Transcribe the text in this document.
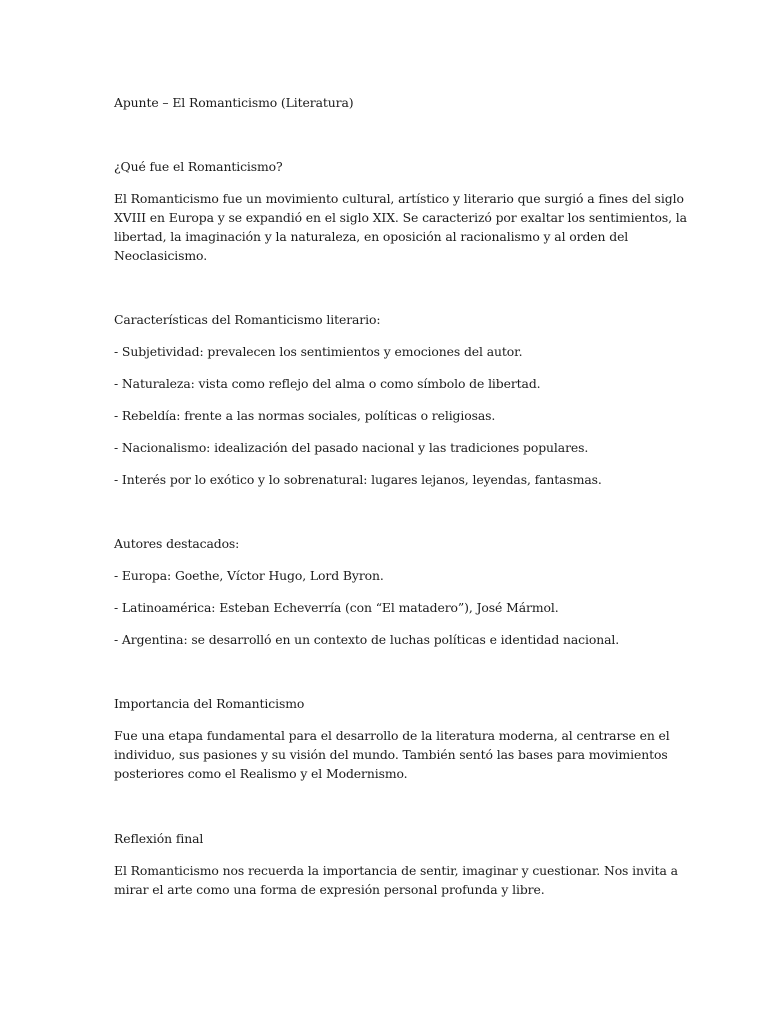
Apunte – El Romanticismo (Literatura)
¿Qué fue el Romanticismo?
El Romanticismo fue un movimiento cultural, artístico y literario que surgió a fines del siglo
XVIII en Europa y se expandió en el siglo XIX. Se caracterizó por exaltar los sentimientos, la
libertad, la imaginación y la naturaleza, en oposición al racionalismo y al orden del
Neoclasicismo.
Características del Romanticismo literario:
- Subjetividad: prevalecen los sentimientos y emociones del autor.
- Naturaleza: vista como reflejo del alma o como símbolo de libertad.
- Rebeldía: frente a las normas sociales, políticas o religiosas.
- Nacionalismo: idealización del pasado nacional y las tradiciones populares.
- Interés por lo exótico y lo sobrenatural: lugares lejanos, leyendas, fantasmas.
Autores destacados:
- Europa: Goethe, Víctor Hugo, Lord Byron.
- Latinoamérica: Esteban Echeverría (con “El matadero”), José Mármol.
- Argentina: se desarrolló en un contexto de luchas políticas e identidad nacional.
Importancia del Romanticismo
Fue una etapa fundamental para el desarrollo de la literatura moderna, al centrarse en el
individuo, sus pasiones y su visión del mundo. También sentó las bases para movimientos
posteriores como el Realismo y el Modernismo.
Reflexión final
El Romanticismo nos recuerda la importancia de sentir, imaginar y cuestionar. Nos invita a
mirar el arte como una forma de expresión personal profunda y libre.
